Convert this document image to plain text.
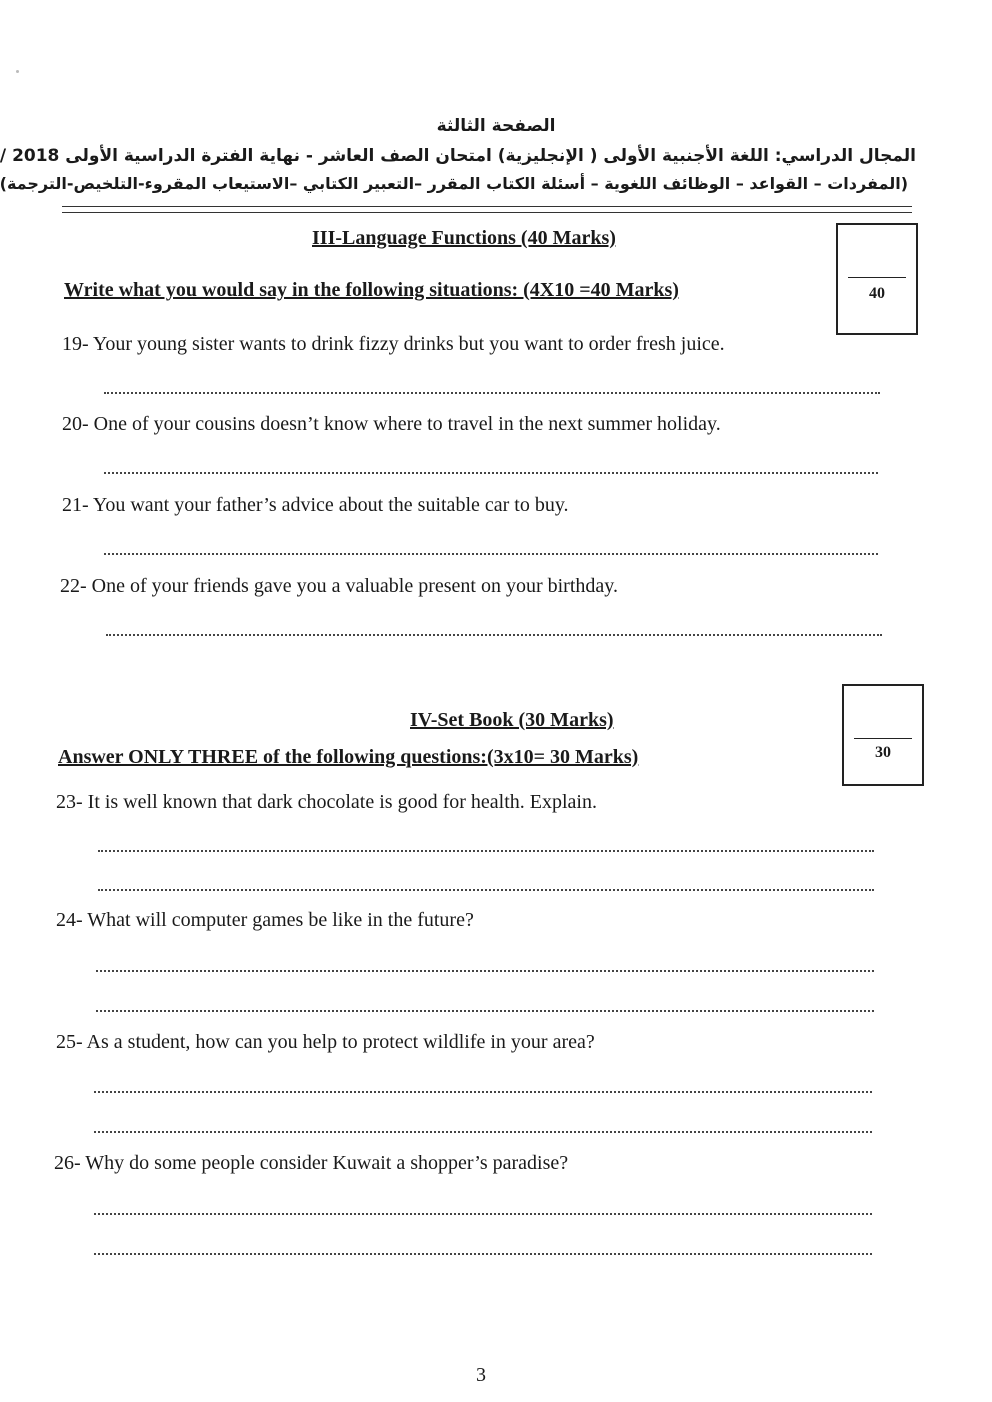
الصفحة الثالثة
المجال الدراسي: اللغة الأجنبية الأولى ( الإنجليزية) امتحان الصف العاشر - نهاية الفترة الدراسية الأولى 2018 /
(المفردات – القواعد – الوظائف اللغوية – أسئلة الكتاب المقرر –التعبير الكتابي –الاستيعاب المقروء-التلخيص-الترجمة)
III-Language Functions (40 Marks)
40
Write what you would say in the following situations: (4X10 =40 Marks)
19- Your young sister wants to drink fizzy drinks but you want to order fresh juice.
20- One of your cousins doesn’t know where to travel in the next summer holiday.
21- You want your father’s advice about the suitable car to buy.
22- One of your friends gave you a valuable present on your birthday.
IV-Set Book (30 Marks)
30
Answer ONLY THREE of the following questions:(3x10= 30 Marks)
23- It is well known that dark chocolate is good for health. Explain.
24- What will computer games be like in the future?
25- As a student, how can you help to protect wildlife in your area?
26- Why do some people consider Kuwait a shopper’s paradise?
3
